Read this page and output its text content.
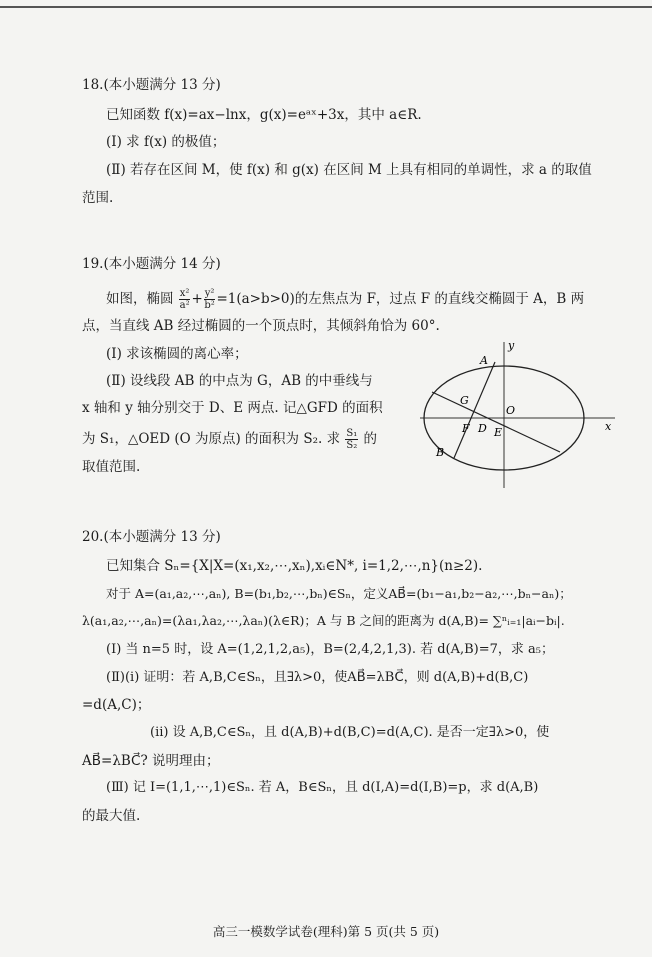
18.(本小题满分 13 分)
已知函数 f(x)=ax−lnx，g(x)=eᵃˣ+3x，其中 a∈R.
(Ⅰ) 求 f(x) 的极值；
(Ⅱ) 若存在区间 M，使 f(x) 和 g(x) 在区间 M 上具有相同的单调性，求 a 的取值
范围.
19.(本小题满分 14 分)
如图，椭圆 $\frac{\text{x²}}{\text{a²}} + \frac{\text{y²}}{\text{b²}} =1(a>b>0)$的左焦点为 F，过点 F 的直线交椭圆于 A，B 两
点，当直线 AB 经过椭圆的一个顶点时，其倾斜角恰为 60°.
(Ⅰ) 求该椭圆的离心率；
(Ⅱ) 设线段 AB 的中点为 G，AB 的中垂线与
x 轴和 y 轴分别交于 D、E 两点. 记△GFD 的面积
为 S₁，△OED (O 为原点) 的面积为 S₂. 求 $\frac{\text{S₁}}{\text{S₂}}$ 的
取值范围.
A
y
G
O
F D E	x
B
20.(本小题满分 13 分)
已知集合 Sₙ={X|X=(x₁,x₂,⋯,xₙ),xᵢ∈N*, i=1,2,⋯,n}(n≥2).
对于 A=(a₁,a₂,⋯,aₙ), B=(b₁,b₂,⋯,bₙ)∈Sₙ，定义AB⃗=(b₁−a₁,b₂−a₂,⋯,bₙ−aₙ)；
λ(a₁,a₂,⋯,aₙ)=(λa₁,λa₂,⋯,λaₙ)(λ∈R)；A 与 B 之间的距离为 d(A,B)= ∑ⁿᵢ₌₁|aᵢ−bᵢ|.
(Ⅰ) 当 n=5 时，设 A=(1,2,1,2,a₅)，B=(2,4,2,1,3). 若 d(A,B)=7，求 a₅；
(Ⅱ)(ⅰ) 证明：若 A,B,C∈Sₙ，且∃λ>0，使AB⃗=λBC⃗，则 d(A,B)+d(B,C)
=d(A,C)；
(ⅱ) 设 A,B,C∈Sₙ，且 d(A,B)+d(B,C)=d(A,C). 是否一定∃λ>0，使
AB⃗=λBC⃗? 说明理由；
(Ⅲ) 记 I=(1,1,⋯,1)∈Sₙ. 若 A，B∈Sₙ，且 d(I,A)=d(I,B)=p，求 d(A,B)
的最大值.
高三一模数学试卷(理科)第 5 页(共 5 页)
